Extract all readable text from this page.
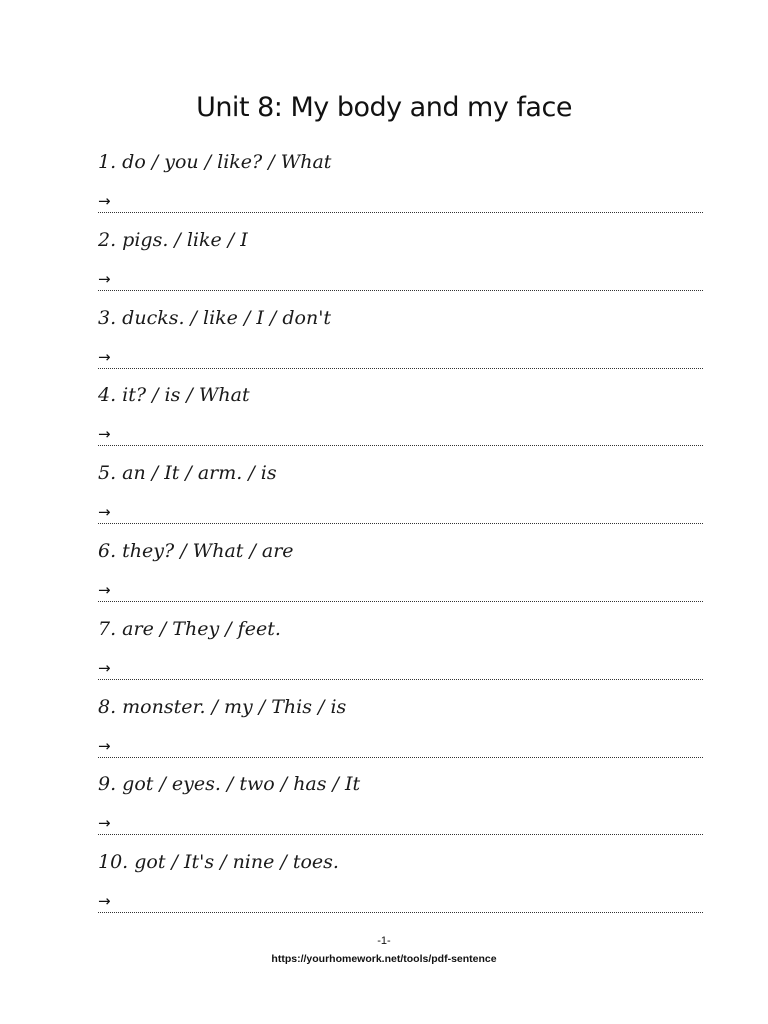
Unit 8: My body and my face
1. do / you / like? / What
→
2. pigs. / like / I
→
3. ducks. / like / I / don't
→
4. it? / is / What
→
5. an / It / arm. / is
→
6. they? / What / are
→
7. are / They / feet.
→
8. monster. / my / This / is
→
9. got / eyes. / two / has / It
→
10. got / It's / nine / toes.
→
-1-
https://yourhomework.net/tools/pdf-sentence
